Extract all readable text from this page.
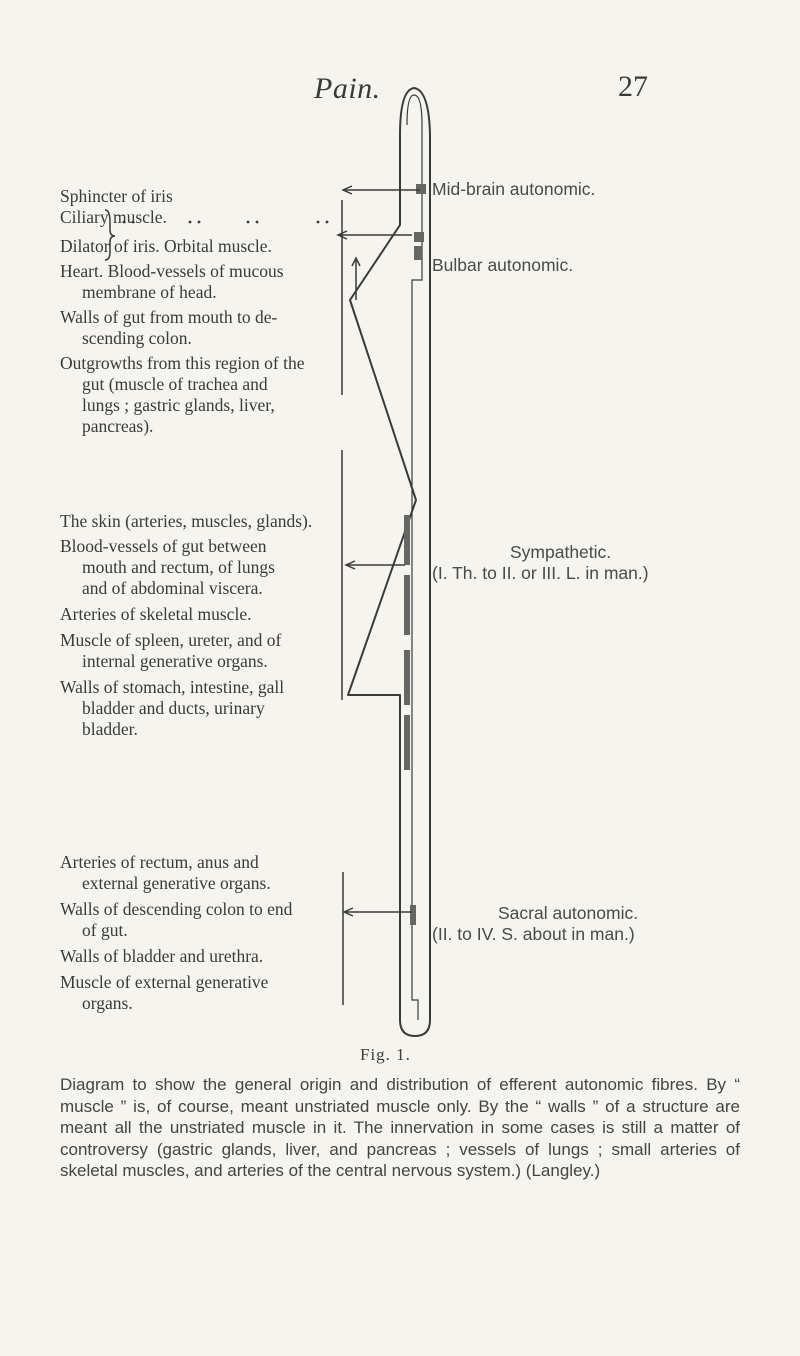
Pain.	27
Sphincter of iris
Ciliary muscle.
Dilator of iris. Orbital muscle.
Heart. Blood-vessels of mucous
membrane of head.
Walls of gut from mouth to de-
scending colon.
Outgrowths from this region of the
gut (muscle of trachea and
lungs ; gastric glands, liver,
pancreas).
The skin (arteries, muscles, glands).
Blood-vessels of gut between
mouth and rectum, of lungs
and of abdominal viscera.
Arteries of skeletal muscle.
Muscle of spleen, ureter, and of
internal generative organs.
Walls of stomach, intestine, gall
bladder and ducts, urinary
bladder.
Arteries of rectum, anus and
external generative organs.
Walls of descending colon to end
of gut.
Walls of bladder and urethra.
Muscle of external generative
organs.
Mid-brain autonomic.
Bulbar autonomic.
Sympathetic.
(I. Th. to II. or III. L. in man.)
Sacral autonomic.
(II. to IV. S. about in man.)
Fig. 1.
Diagram to show the general origin and distribution of efferent autonomic fibres. By “ muscle ” is, of course, meant unstriated muscle only. By the “ walls ” of a structure are meant all the unstriated muscle in it. The innervation in some cases is still a matter of controversy (gastric glands, liver, and pancreas ; vessels of lungs ; small arteries of skeletal muscles, and arteries of the central nervous system.) (Langley.)
